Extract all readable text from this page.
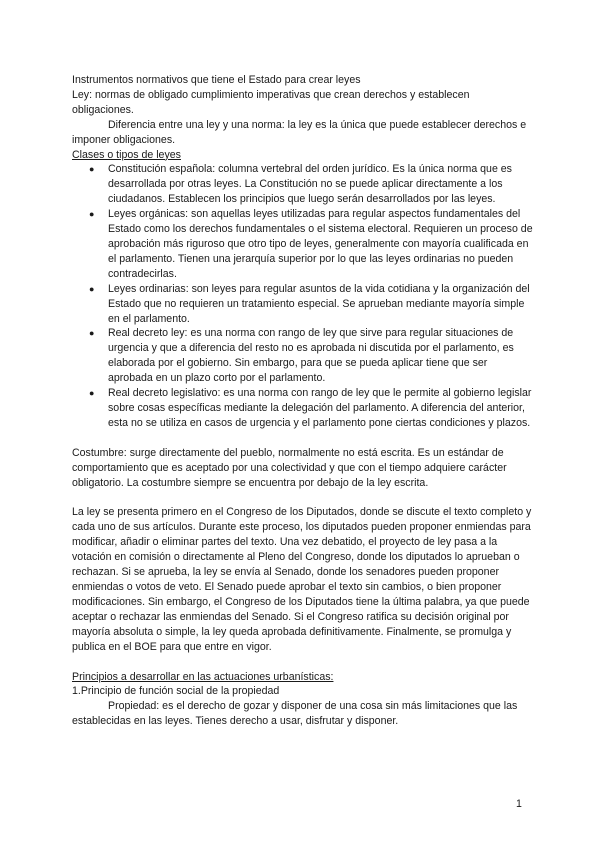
Instrumentos normativos que tiene el Estado para crear leyes

Ley: normas de obligado cumplimiento imperativas que crean derechos y establecen obligaciones.

Diferencia entre una ley y una norma: la ley es la única que puede establecer derechos e imponer obligaciones.

Clases o tipos de leyes

● Constitución española: columna vertebral del orden jurídico. Es la única norma que es desarrollada por otras leyes. La Constitución no se puede aplicar directamente a los ciudadanos. Establecen los principios que luego serán desarrollados por las leyes.
● Leyes orgánicas: son aquellas leyes utilizadas para regular aspectos fundamentales del Estado como los derechos fundamentales o el sistema electoral. Requieren un proceso de aprobación más riguroso que otro tipo de leyes, generalmente con mayoría cualificada en el parlamento. Tienen una jerarquía superior por lo que las leyes ordinarias no pueden contradecirlas.
● Leyes ordinarias: son leyes para regular asuntos de la vida cotidiana y la organización del Estado que no requieren un tratamiento especial. Se aprueban mediante mayoría simple en el parlamento.
● Real decreto ley: es una norma con rango de ley que sirve para regular situaciones de urgencia y que a diferencia del resto no es aprobada ni discutida por el parlamento, es elaborada por el gobierno. Sin embargo, para que se pueda aplicar tiene que ser aprobada en un plazo corto por el parlamento.
● Real decreto legislativo: es una norma con rango de ley que le permite al gobierno legislar sobre cosas específicas mediante la delegación del parlamento. A diferencia del anterior, esta no se utiliza en casos de urgencia y el parlamento pone ciertas condiciones y plazos.

Costumbre: surge directamente del pueblo, normalmente no está escrita. Es un estándar de comportamiento que es aceptado por una colectividad y que con el tiempo adquiere carácter obligatorio. La costumbre siempre se encuentra por debajo de la ley escrita.

La ley se presenta primero en el Congreso de los Diputados, donde se discute el texto completo y cada uno de sus artículos. Durante este proceso, los diputados pueden proponer enmiendas para modificar, añadir o eliminar partes del texto. Una vez debatido, el proyecto de ley pasa a la votación en comisión o directamente al Pleno del Congreso, donde los diputados lo aprueban o rechazan. Si se aprueba, la ley se envía al Senado, donde los senadores pueden proponer enmiendas o votos de veto. El Senado puede aprobar el texto sin cambios, o bien proponer modificaciones. Sin embargo, el Congreso de los Diputados tiene la última palabra, ya que puede aceptar o rechazar las enmiendas del Senado. Si el Congreso ratifica su decisión original por mayoría absoluta o simple, la ley queda aprobada definitivamente. Finalmente, se promulga y publica en el BOE para que entre en vigor.

Principios a desarrollar en las actuaciones urbanísticas:

1.Principio de función social de la propiedad

Propiedad: es el derecho de gozar y disponer de una cosa sin más limitaciones que las establecidas en las leyes. Tienes derecho a usar, disfrutar y disponer.

1
